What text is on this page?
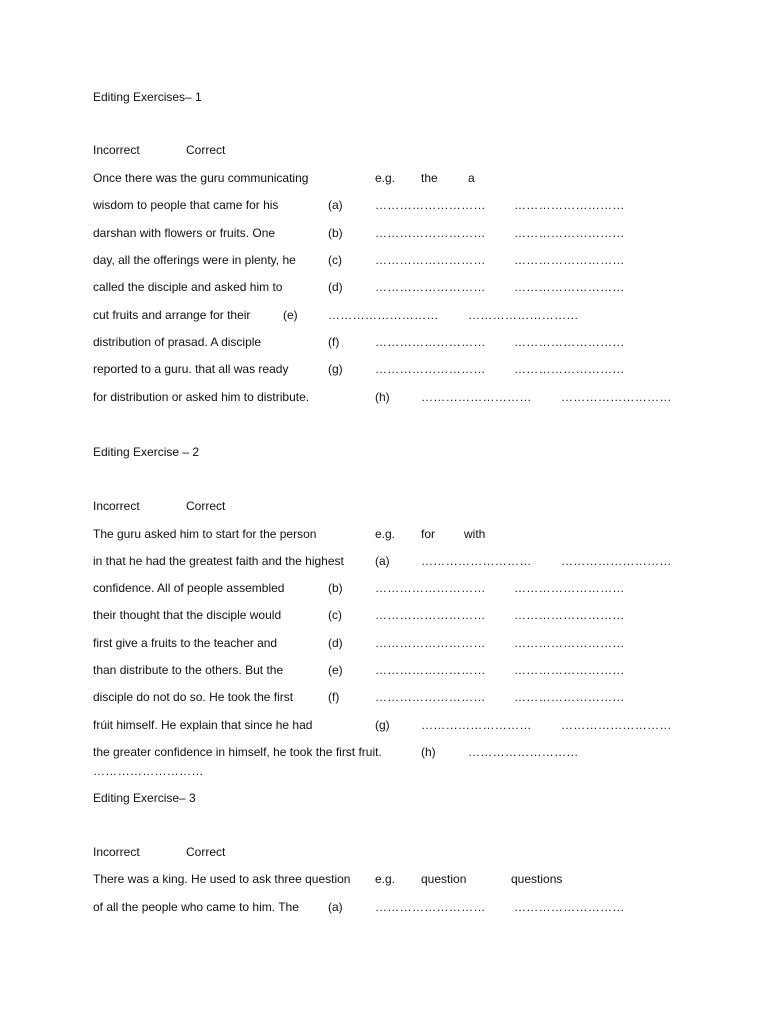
Editing Exercises– 1
Incorrect	Correct
Once there was the guru communicating	e.g. the	a
wisdom to people that came for his	(a)	……………………… ………………………
darshan with flowers or fruits. One	(b)	……………………… ………………………
day, all the offerings were in plenty, he	(c)	……………………… ………………………
called the disciple and asked him to	(d)	……………………… ………………………
cut fruits and arrange for their	(e)	……………………… ………………………
distribution of prasad. A disciple	(f)	……………………… ………………………
reported to a guru. that all was ready	(g)	……………………… ………………………
for distribution or asked him to distribute.	(h)	……………………… ………………………
Editing Exercise – 2
Incorrect	Correct
The guru asked him to start for the person	e.g. for with
in that he had the greatest faith and the highest	(a)	……………………… ………………………
confidence. All of people assembled	(b)	……………………… ………………………
their thought that the disciple would	(c)	……………………… ………………………
first give a fruits to the teacher and	(d)	……………………… ………………………
than distribute to the others. But the	(e)	……………………… ………………………
disciple do not do so. He took the first	(f)	……………………… ………………………
frúit himself. He explain that since he had	(g)	……………………… ………………………
the greater confidence in himself, he took the first fruit.	(h)	………………………
………………………
Editing Exercise– 3
Incorrect	Correct
There was a king. He used to ask three question e.g. question	questions
of all the people who came to him. The (a)	……………………… ………………………
